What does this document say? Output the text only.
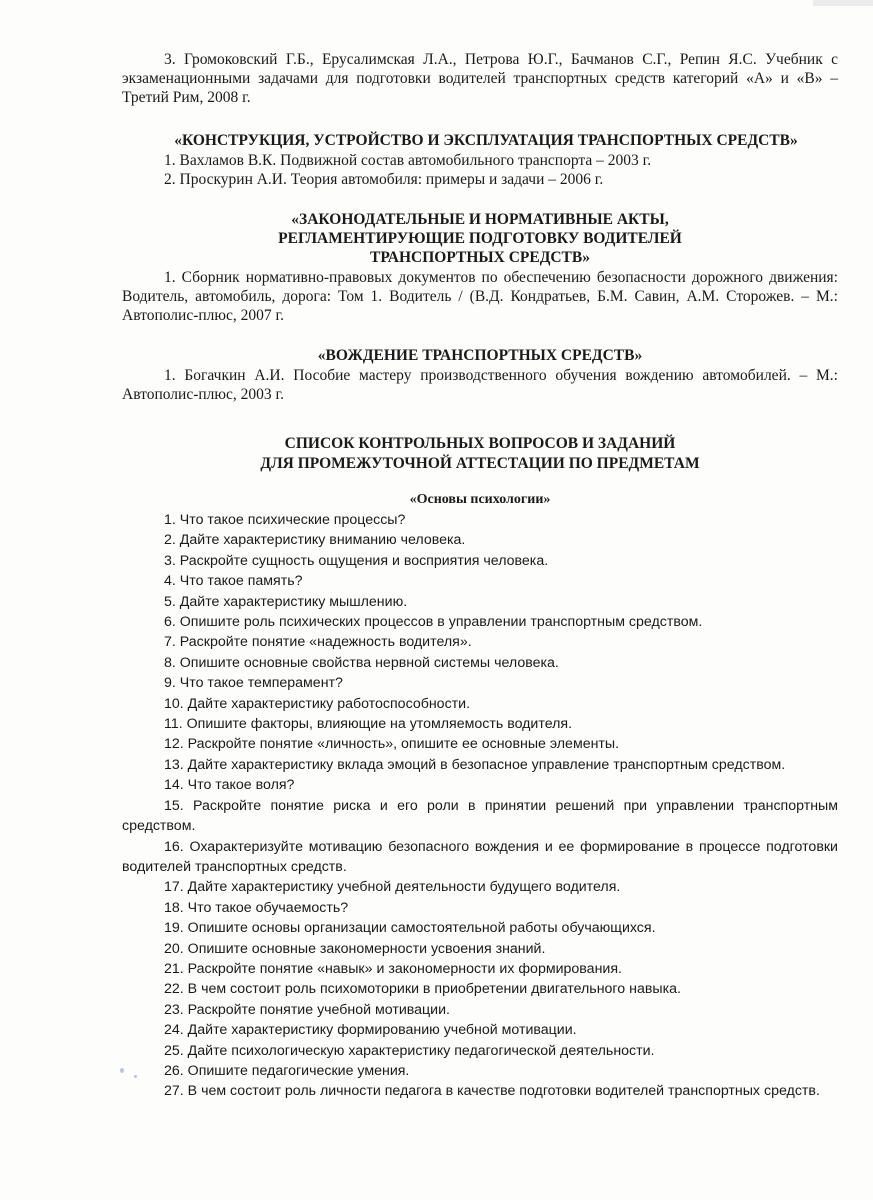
3. Громоковский Г.Б., Ерусалимская Л.А., Петрова Ю.Г., Бачманов С.Г., Репин Я.С. Учебник с экзаменационными задачами для подготовки водителей транспортных средств категорий «А» и «В» – Третий Рим, 2008 г.

«КОНСТРУКЦИЯ, УСТРОЙСТВО И ЭКСПЛУАТАЦИЯ ТРАНСПОРТНЫХ СРЕДСТВ»

1. Вахламов В.К. Подвижной состав автомобильного транспорта – 2003 г.

2. Проскурин А.И. Теория автомобиля: примеры и задачи – 2006 г.

«ЗАКОНОДАТЕЛЬНЫЕ И НОРМАТИВНЫЕ АКТЫ,
РЕГЛАМЕНТИРУЮЩИЕ ПОДГОТОВКУ ВОДИТЕЛЕЙ
ТРАНСПОРТНЫХ СРЕДСТВ»

1. Сборник нормативно-правовых документов по обеспечению безопасности дорожного движения: Водитель, автомобиль, дорога: Том 1. Водитель / (В.Д. Кондратьев, Б.М. Савин, А.М. Сторожев. – М.: Автополис-плюс, 2007 г.

«ВОЖДЕНИЕ ТРАНСПОРТНЫХ СРЕДСТВ»

1. Богачкин А.И. Пособие мастеру производственного обучения вождению автомобилей. – М.: Автополис-плюс, 2003 г.

СПИСОК КОНТРОЛЬНЫХ ВОПРОСОВ И ЗАДАНИЙ
ДЛЯ ПРОМЕЖУТОЧНОЙ АТТЕСТАЦИИ ПО ПРЕДМЕТАМ
«Основы психологии»

1. Что такое психические процессы?

2. Дайте характеристику вниманию человека.

3. Раскройте сущность ощущения и восприятия человека.

4. Что такое память?

5. Дайте характеристику мышлению.

6. Опишите роль психических процессов в управлении транспортным средством.

7. Раскройте понятие «надежность водителя».

8. Опишите основные свойства нервной системы человека.

9. Что такое темперамент?

10. Дайте характеристику работоспособности.

11. Опишите факторы, влияющие на утомляемость водителя.

12. Раскройте понятие «личность», опишите ее основные элементы.

13. Дайте характеристику вклада эмоций в безопасное управление транспортным средством.

14. Что такое воля?

15. Раскройте понятие риска и его роли в принятии решений при управлении транспортным средством.

16. Охарактеризуйте мотивацию безопасного вождения и ее формирование в процессе подготовки водителей транспортных средств.

17. Дайте характеристику учебной деятельности будущего водителя.

18. Что такое обучаемость?

19. Опишите основы организации самостоятельной работы обучающихся.

20. Опишите основные закономерности усвоения знаний.

21. Раскройте понятие «навык» и закономерности их формирования.

22. В чем состоит роль психомоторики в приобретении двигательного навыка.

23. Раскройте понятие учебной мотивации.

24. Дайте характеристику формированию учебной мотивации.

25. Дайте психологическую характеристику педагогической деятельности.

26. Опишите педагогические умения.

27. В чем состоит роль личности педагога в качестве подготовки водителей транспортных средств.
